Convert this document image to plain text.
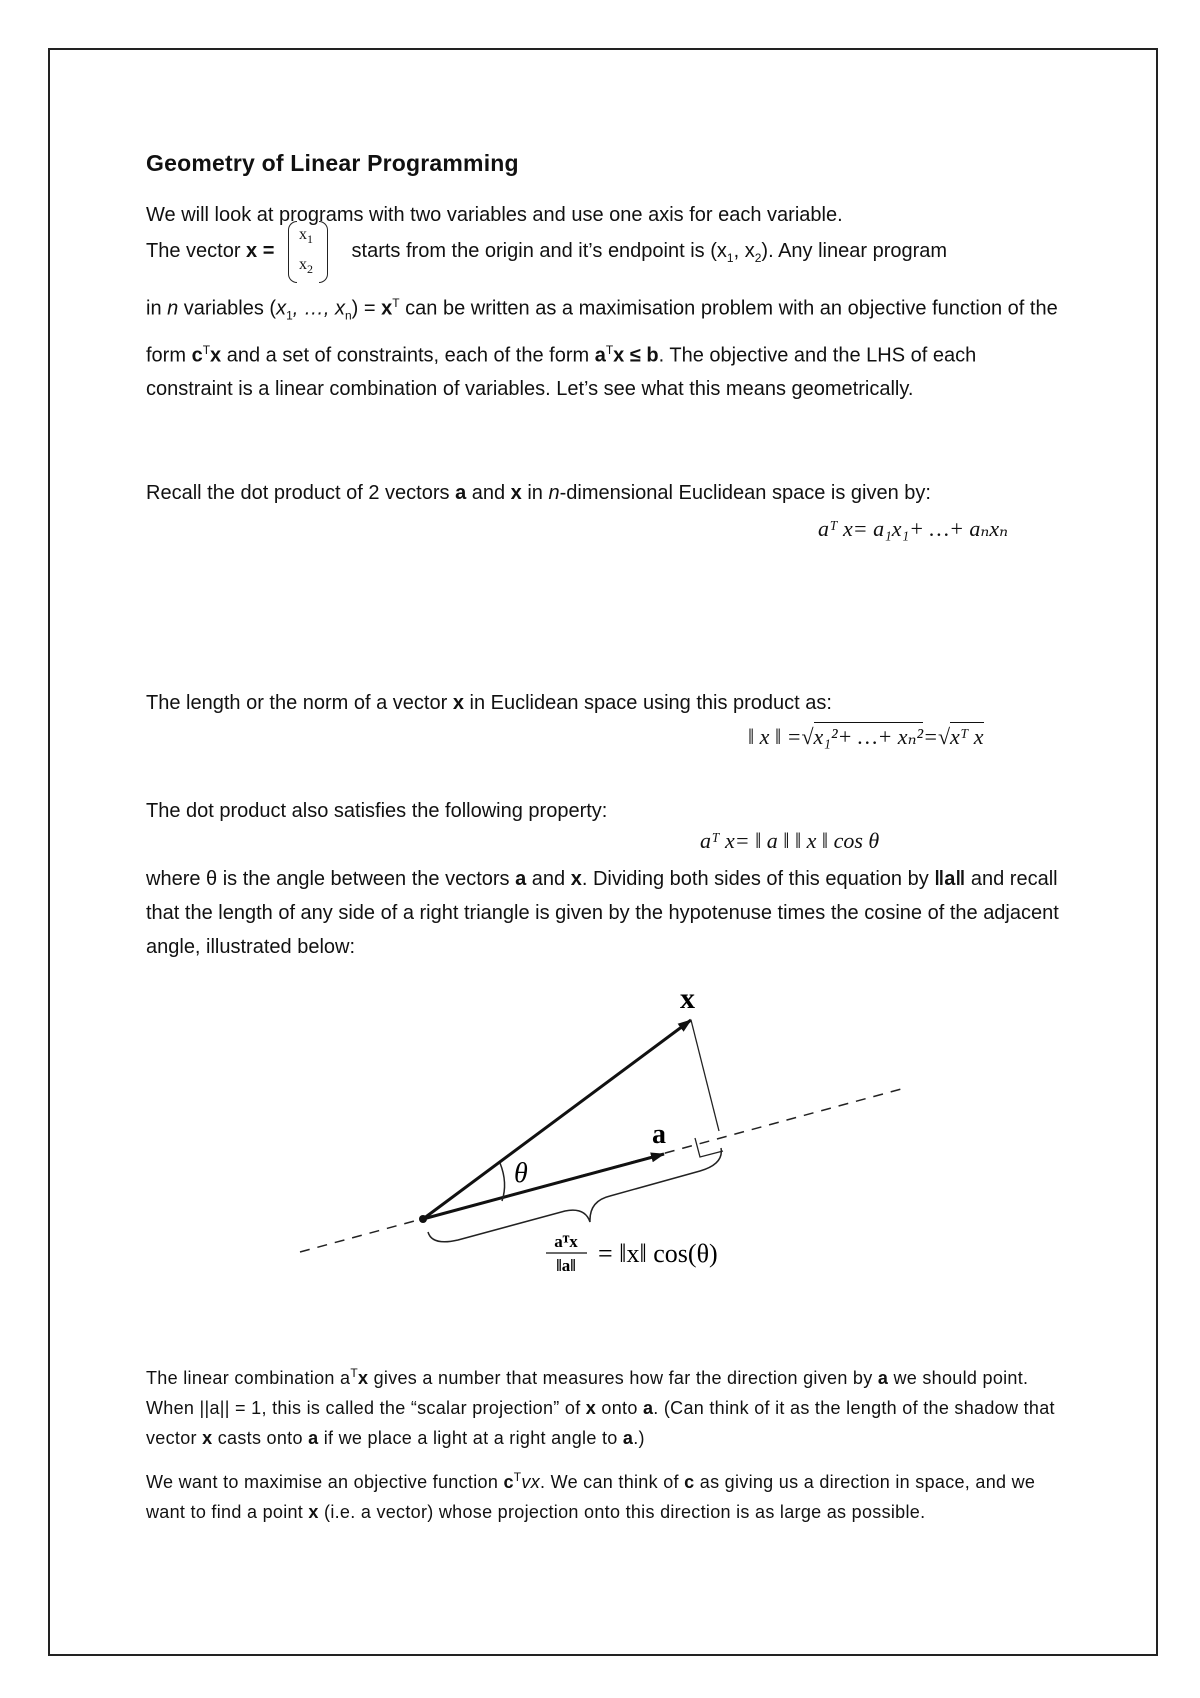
Geometry of Linear Programming

We will look at programs with two variables and use one axis for each variable.

The vector x =
$x_1$
$x_2$
starts from the origin and it’s endpoint is ($x_1$, $x_2$). Any linear program

in n variables ($x_1$, …, $x_n) = x^T$ can be written as a maximisation problem with an objective function of the form $c^Tx$ and a set of constraints, each of the form $a^Tx \le b$. The objective and the LHS of each constraint is a linear combination of variables. Let’s see what this means geometrically.

Recall the dot product of 2 vectors a and x in n-dimensional Euclidean space is given by:

aᵀ x= a₁x₁+ …+ aₙxₙ

The length or the norm of a vector x in Euclidean space using this product as:

‖ x ‖ =√x₁²+ …+ xₙ²=√xᵀ x

The dot product also satisfies the following property:

aᵀ x= ‖ a ‖ ‖ x ‖ cos θ

where θ is the angle between the vectors a and x. Dividing both sides of this equation by ‖a‖ and recall that the length of any side of a right triangle is given by the hypotenuse times the cosine of the adjacent angle, illustrated below:

x
a
θ
aᵀx
‖a‖ = ‖x‖ cos(θ)

The linear combination $a^Tx$ gives a number that measures how far the direction given by a we should point. When ||a|| = 1, this is called the “scalar projection” of x onto a. (Can think of it as the length of the shadow that vector x casts onto a if we place a light at a right angle to a.)

We want to maximise an objective function $c^Tvx$. We can think of c as giving us a direction in space, and we want to find a point x (i.e. a vector) whose projection onto this direction is as large as possible.
